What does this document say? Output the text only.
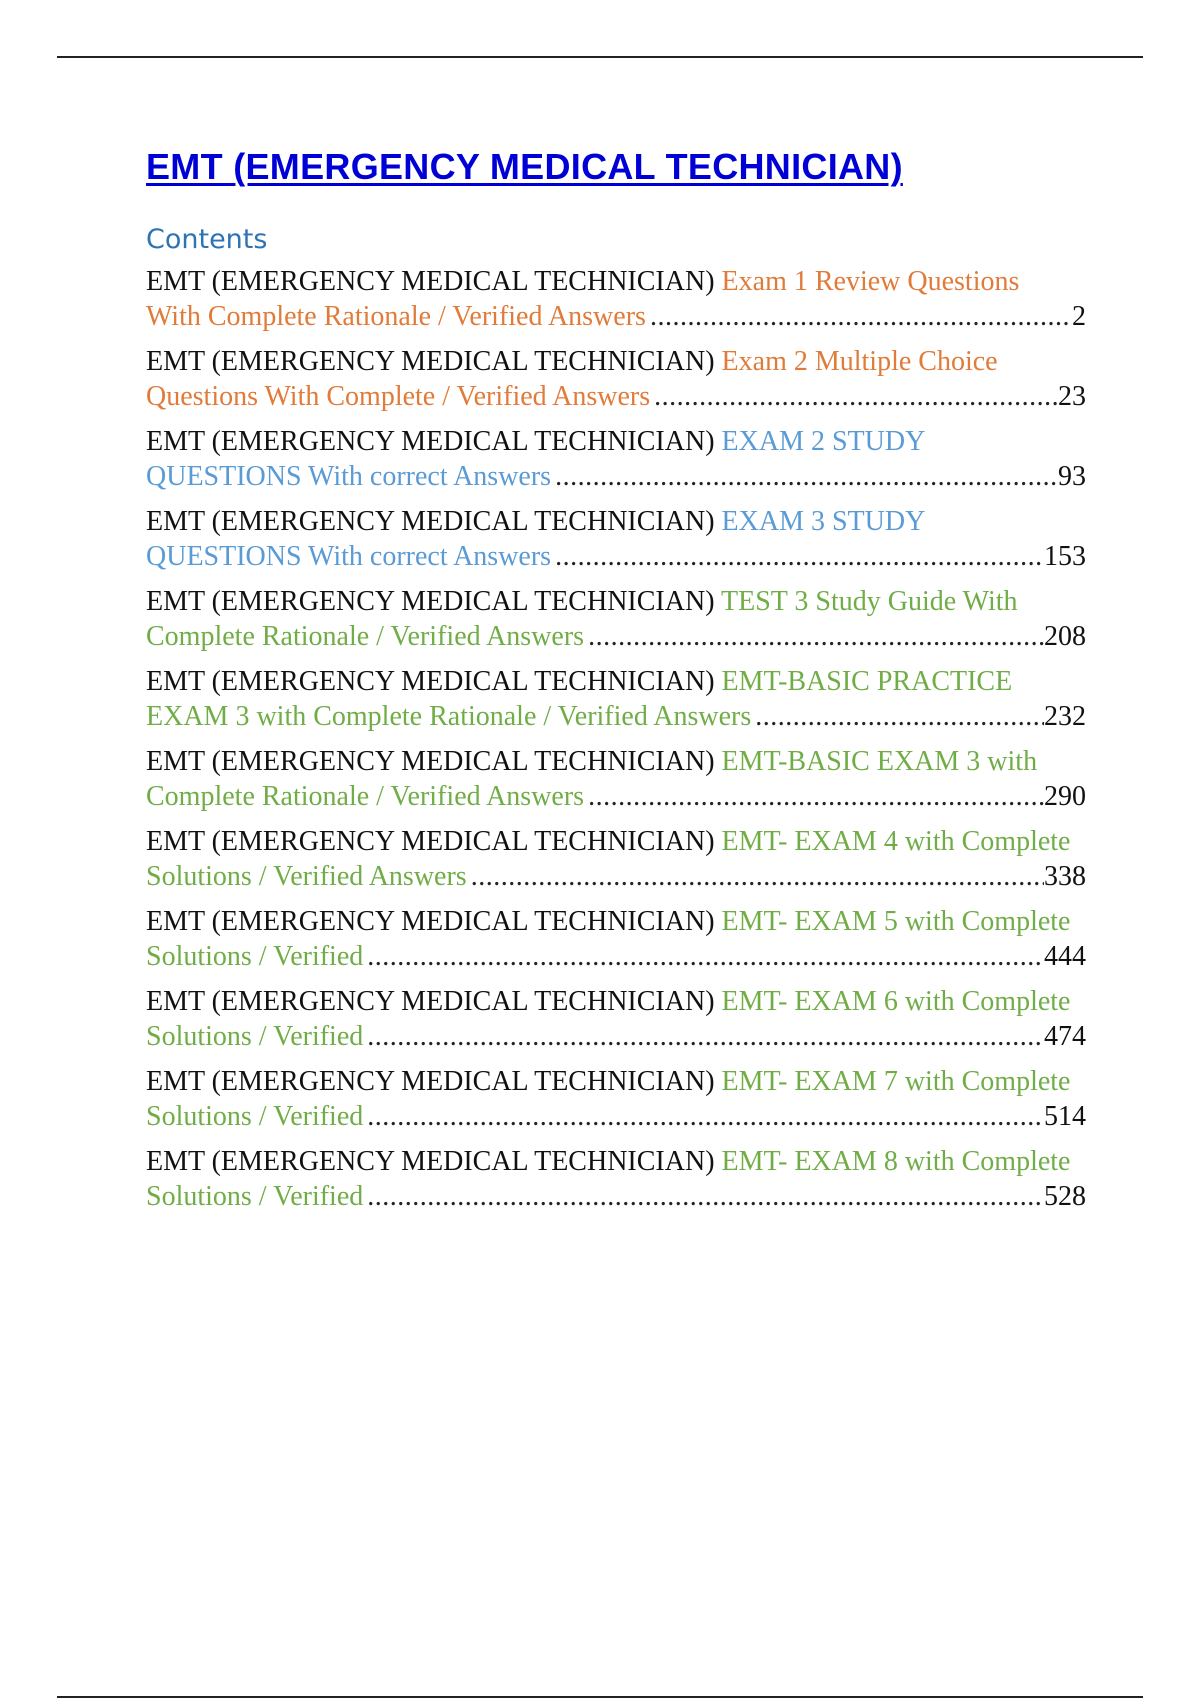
EMT (EMERGENCY MEDICAL TECHNICIAN)
Contents
EMT (EMERGENCY MEDICAL TECHNICIAN) Exam 1 Review Questions
With Complete Rationale / Verified Answers .....	2
EMT (EMERGENCY MEDICAL TECHNICIAN) Exam 2 Multiple Choice
Questions With Complete / Verified Answers .....	23
EMT (EMERGENCY MEDICAL TECHNICIAN) EXAM 2 STUDY
QUESTIONS With correct Answers .....	93
EMT (EMERGENCY MEDICAL TECHNICIAN) EXAM 3 STUDY
QUESTIONS With correct Answers .....	153
EMT (EMERGENCY MEDICAL TECHNICIAN) TEST 3 Study Guide With
Complete Rationale / Verified Answers .....	208
EMT (EMERGENCY MEDICAL TECHNICIAN) EMT-BASIC PRACTICE
EXAM 3 with Complete Rationale / Verified Answers .....	232
EMT (EMERGENCY MEDICAL TECHNICIAN) EMT-BASIC EXAM 3 with
Complete Rationale / Verified Answers .....	290
EMT (EMERGENCY MEDICAL TECHNICIAN) EMT- EXAM 4 with Complete
Solutions / Verified Answers .....	338
EMT (EMERGENCY MEDICAL TECHNICIAN) EMT- EXAM 5 with Complete
Solutions / Verified .....	444
EMT (EMERGENCY MEDICAL TECHNICIAN) EMT- EXAM 6 with Complete
Solutions / Verified .....	474
EMT (EMERGENCY MEDICAL TECHNICIAN) EMT- EXAM 7 with Complete
Solutions / Verified .....	514
EMT (EMERGENCY MEDICAL TECHNICIAN) EMT- EXAM 8 with Complete
Solutions / Verified .....	528
